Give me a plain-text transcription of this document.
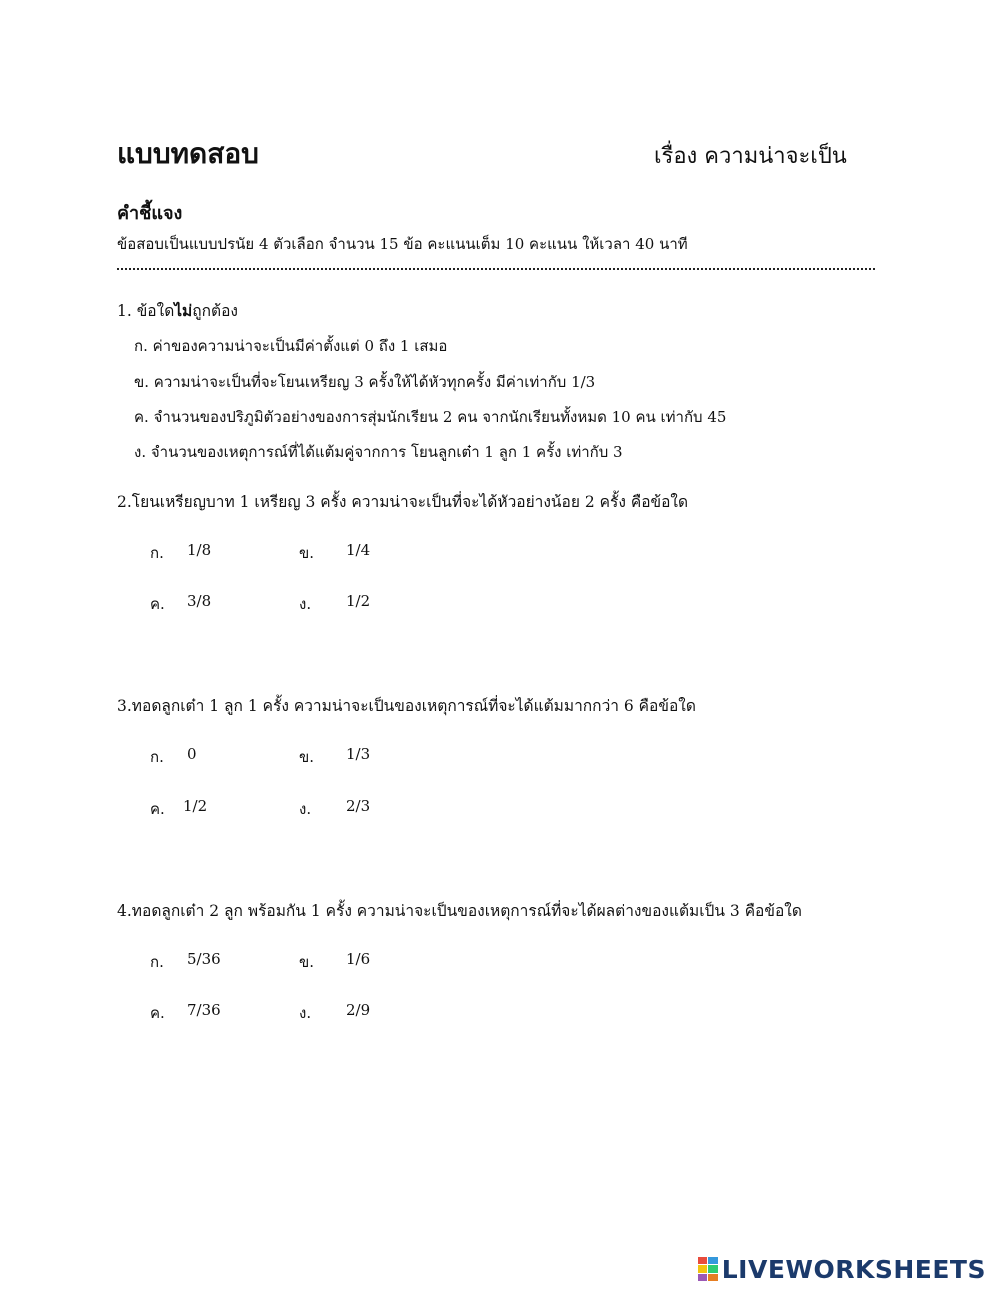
แบบทดสอบ	เรื่อง ความน่าจะเป็น
คำชี้แจง
ข้อสอบเป็นแบบปรนัย 4 ตัวเลือก จำนวน 15 ข้อ คะแนนเต็ม 10 คะแนน ให้เวลา 40 นาที
1. ข้อใดไม่ถูกต้อง
ก. ค่าของความน่าจะเป็นมีค่าตั้งแต่ 0 ถึง 1 เสมอ
ข. ความน่าจะเป็นที่จะโยนเหรียญ 3 ครั้งให้ได้หัวทุกครั้ง มีค่าเท่ากับ 1/3
ค. จำนวนของปริภูมิตัวอย่างของการสุ่มนักเรียน 2 คน จากนักเรียนทั้งหมด 10 คน เท่ากับ 45
ง. จำนวนของเหตุการณ์ที่ได้แต้มคู่จากการ โยนลูกเต๋า 1 ลูก 1 ครั้ง เท่ากับ 3
2.โยนเหรียญบาท 1 เหรียญ 3 ครั้ง ความน่าจะเป็นที่จะได้หัวอย่างน้อย 2 ครั้ง คือข้อใด
ก. 1/8	ข. 1/4
ค. 3/8	ง. 1/2
3.ทอดลูกเต๋า 1 ลูก 1 ครั้ง ความน่าจะเป็นของเหตุการณ์ที่จะได้แต้มมากกว่า 6 คือข้อใด
ก. 0	ข. 1/3
ค. 1/2	ง. 2/3
4.ทอดลูกเต๋า 2 ลูก พร้อมกัน 1 ครั้ง ความน่าจะเป็นของเหตุการณ์ที่จะได้ผลต่างของแต้มเป็น 3 คือข้อใด
ก. 5/36	ข. 1/6
ค. 7/36	ง. 2/9
LIVEWORKSHEETS
